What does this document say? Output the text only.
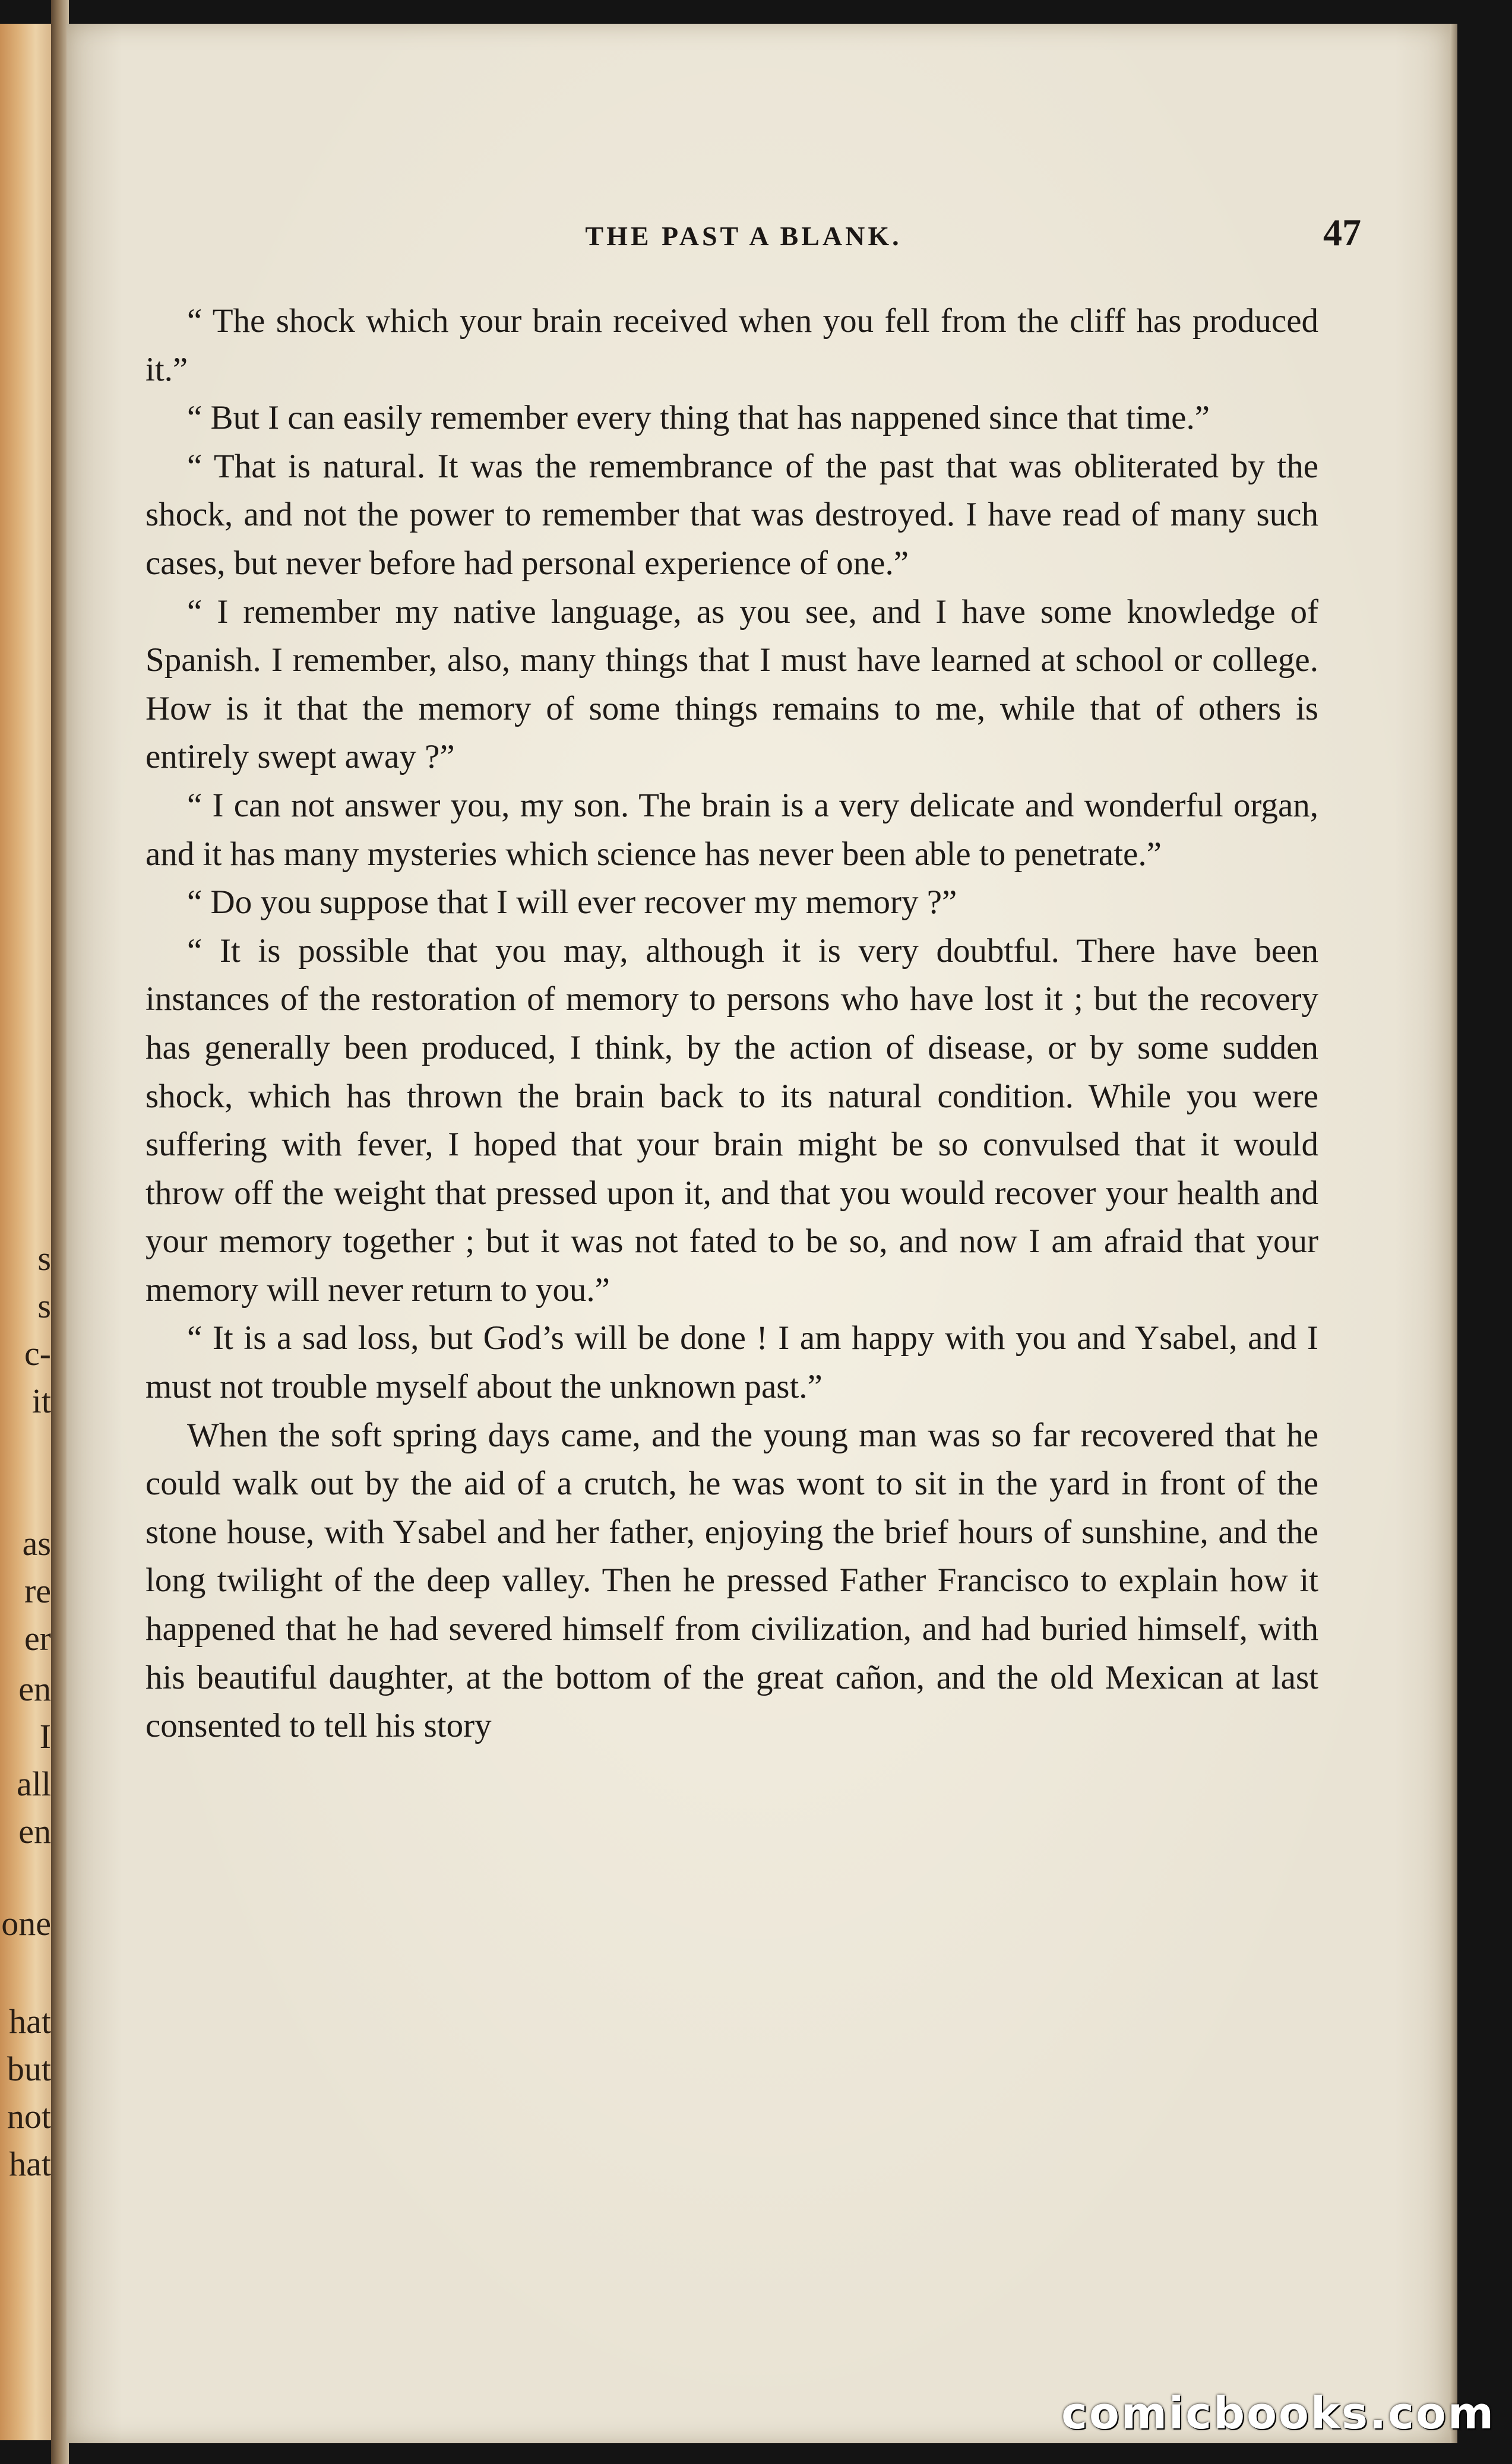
s
s
c-
it
as
re
er
en
I
all
en
one
hat
but
not
hat
THE PAST A BLANK.	47

“ The shock which your brain received when you fell from the cliff has produced it.”

“ But I can easily remember every thing that has nappened since that time.”

“ That is natural. It was the remembrance of the past that was obliterated by the shock, and not the power to remember that was destroyed. I have read of many such cases, but never before had personal experience of one.”

“ I remember my native language, as you see, and I have some knowledge of Spanish. I remember, also, many things that I must have learned at school or college. How is it that the memory of some things remains to me, while that of others is entirely swept away ?”

“ I can not answer you, my son. The brain is a very delicate and wonderful organ, and it has many mysteries which science has never been able to penetrate.”

“ Do you suppose that I will ever recover my memory ?”

“ It is possible that you may, although it is very doubtful. There have been instances of the restoration of memory to persons who have lost it ; but the recovery has generally been produced, I think, by the action of disease, or by some sudden shock, which has thrown the brain back to its natural condition. While you were suffering with fever, I hoped that your brain might be so convulsed that it would throw off the weight that pressed upon it, and that you would recover your health and your memory together ; but it was not fated to be so, and now I am afraid that your memory will never return to you.”

“ It is a sad loss, but God’s will be done ! I am happy with you and Ysabel, and I must not trouble myself about the unknown past.”

When the soft spring days came, and the young man was so far recovered that he could walk out by the aid of a crutch, he was wont to sit in the yard in front of the stone house, with Ysabel and her father, enjoying the brief hours of sunshine, and the long twilight of the deep valley. Then he pressed Father Francisco to explain how it happened that he had severed himself from civilization, and had buried himself, with his beautiful daughter, at the bottom of the great cañon, and the old Mexican at last consented to tell his story

comicbooks.com
